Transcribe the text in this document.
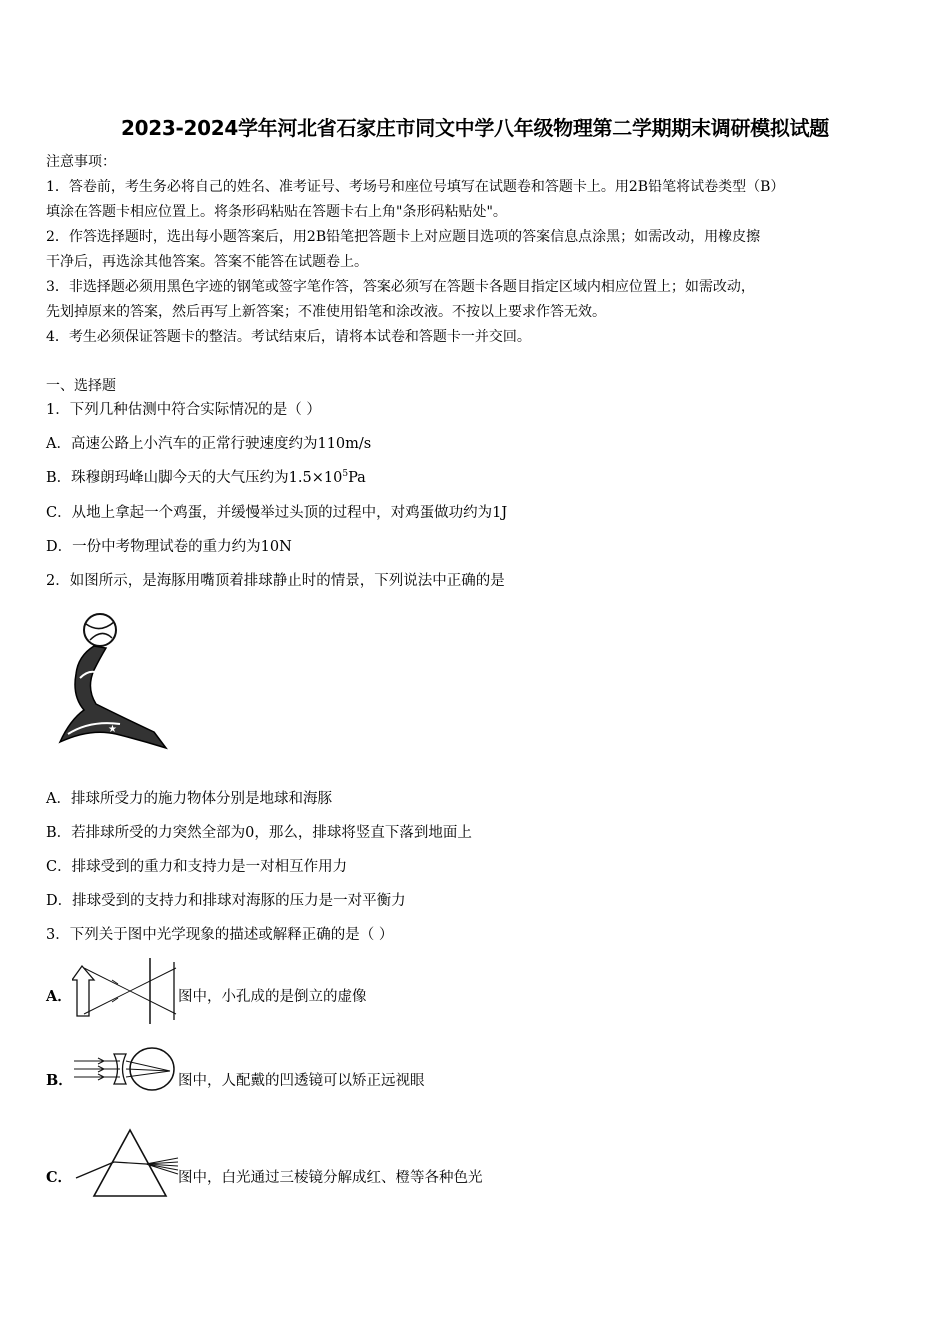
2023-2024学年河北省石家庄市同文中学八年级物理第二学期期末调研模拟试题
注意事项：
1．答卷前，考生务必将自己的姓名、准考证号、考场号和座位号填写在试题卷和答题卡上。用2B铅笔将试卷类型（B）
填涂在答题卡相应位置上。将条形码粘贴在答题卡右上角"条形码粘贴处"。
2．作答选择题时，选出每小题答案后，用2B铅笔把答题卡上对应题目选项的答案信息点涂黑；如需改动，用橡皮擦
干净后，再选涂其他答案。答案不能答在试题卷上。
3．非选择题必须用黑色字迹的钢笔或签字笔作答，答案必须写在答题卡各题目指定区域内相应位置上；如需改动，
先划掉原来的答案，然后再写上新答案；不准使用铅笔和涂改液。不按以上要求作答无效。
4．考生必须保证答题卡的整洁。考试结束后，请将本试卷和答题卡一并交回。
一、选择题
1．下列几种估测中符合实际情况的是（ ）
A．高速公路上小汽车的正常行驶速度约为110m/s
B．珠穆朗玛峰山脚今天的大气压约为$1.5\times 10^5Pa$
C．从地上拿起一个鸡蛋，并缓慢举过头顶的过程中，对鸡蛋做功约为1J
D．一份中考物理试卷的重力约为10N
2．如图所示，是海豚用嘴顶着排球静止时的情景，下列说法中正确的是
★
A．排球所受力的施力物体分别是地球和海豚
B．若排球所受的力突然全部为0，那么，排球将竖直下落到地面上
C．排球受到的重力和支持力是一对相互作用力
D．排球受到的支持力和排球对海豚的压力是一对平衡力
3．下列关于图中光学现象的描述或解释正确的是（ ）
A．	图中，小孔成的是倒立的虚像
B．	图中，人配戴的凹透镜可以矫正远视眼
C．	图中，白光通过三棱镜分解成红、橙等各种色光
